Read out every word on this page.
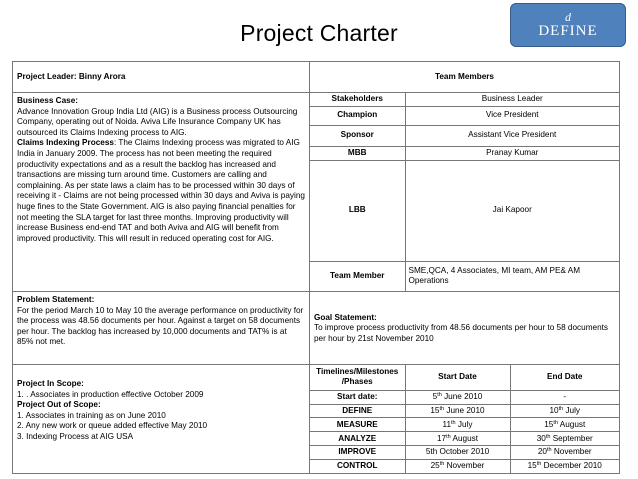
Project Charter
d
DEFINE
Project Leader: Binny Arora	Team Members

Business Case:
Advance Innovation Group India Ltd (AIG) is a Business process Outsourcing Company, operating out of Noida. Aviva Life Insurance Company UK has outsourced its Claims Indexing process to AIG.
Claims Indexing Process: The Claims Indexing process was migrated to AIG India in January 2009. The process has not been meeting the required productivity expectations and as a result the backlog has increased and transactions are missing turn around time. Customers are calling and complaining. As per state laws a claim has to be processed within 30 days of receiving it - Claims are not being processed within 30 days and Aviva is paying huge fines to the State Government. AIG is also paying financial penalties for not meeting the SLA target for last three months. Improving productivity will increase Business end-end TAT and both Aviva and AIG will benefit from improved productivity. This will result in reduced operating cost for AIG.

Stakeholders	Business Leader
Champion	Vice President
Sponsor	Assistant Vice President
MBB	Pranay Kumar
LBB	Jai Kapoor
Team Member	SME,QCA, 4 Associates, MI team, AM PE& AM Operations

Problem Statement:
For the period March 10 to May 10 the average performance on productivity for the process was 48.56 documents per hour. Against a target on 58 documents per hour. The backlog has increased by 10,000 documents and TAT% is at 85% not met.

Goal Statement:
To improve process productivity from 48.56 documents per hour to 58 documents per hour by 21st November 2010

Project In Scope:
1. . Associates in production effective October 2009
Project Out of Scope:
1. Associates in training as on June 2010
2. Any new work or queue added effective May 2010
3. Indexing Process at AIG USA

Timelines/Milestones /Phases	Start Date	End Date
Start date:	5th June 2010	-
DEFINE	15th June 2010	10th July
MEASURE	11th July	15th August
ANALYZE	17th August	30th September
IMPROVE	5th October 2010	20th November
CONTROL	25th November	15th December 2010
